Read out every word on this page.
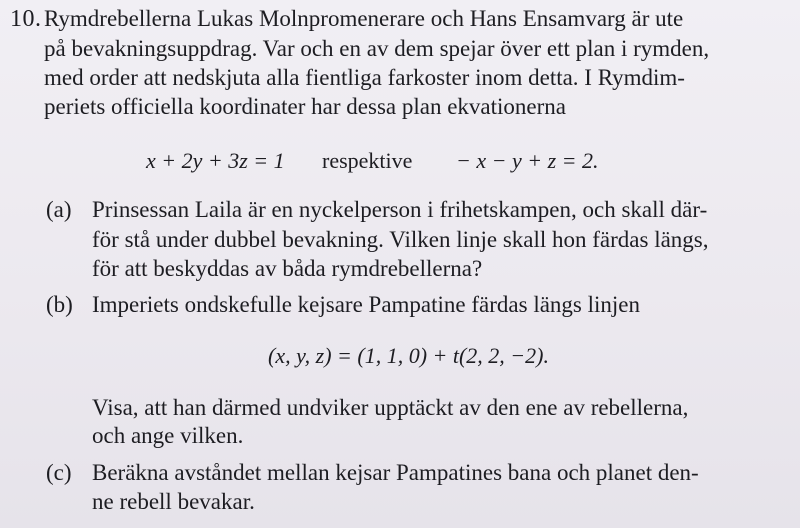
10. Rymdrebellerna Lukas Molnpromenerare och Hans Ensamvarg är ute
på bevakningsuppdrag. Var och en av dem spejar över ett plan i rymden,
med order att nedskjuta alla fientliga farkoster inom detta. I Rymdim-
periets officiella koordinater har dessa plan ekvationerna
x + 2y + 3z = 1 respektive − x − y + z = 2.
(a) Prinsessan Laila är en nyckelperson i frihetskampen, och skall där-
för stå under dubbel bevakning. Vilken linje skall hon färdas längs,
för att beskyddas av båda rymdrebellerna?
(b) Imperiets ondskefulle kejsare Pampatine färdas längs linjen
(x, y, z) = (1, 1, 0) + t(2, 2, −2).
Visa, att han därmed undviker upptäckt av den ene av rebellerna,
och ange vilken.
(c) Beräkna avståndet mellan kejsar Pampatines bana och planet den-
ne rebell bevakar.
